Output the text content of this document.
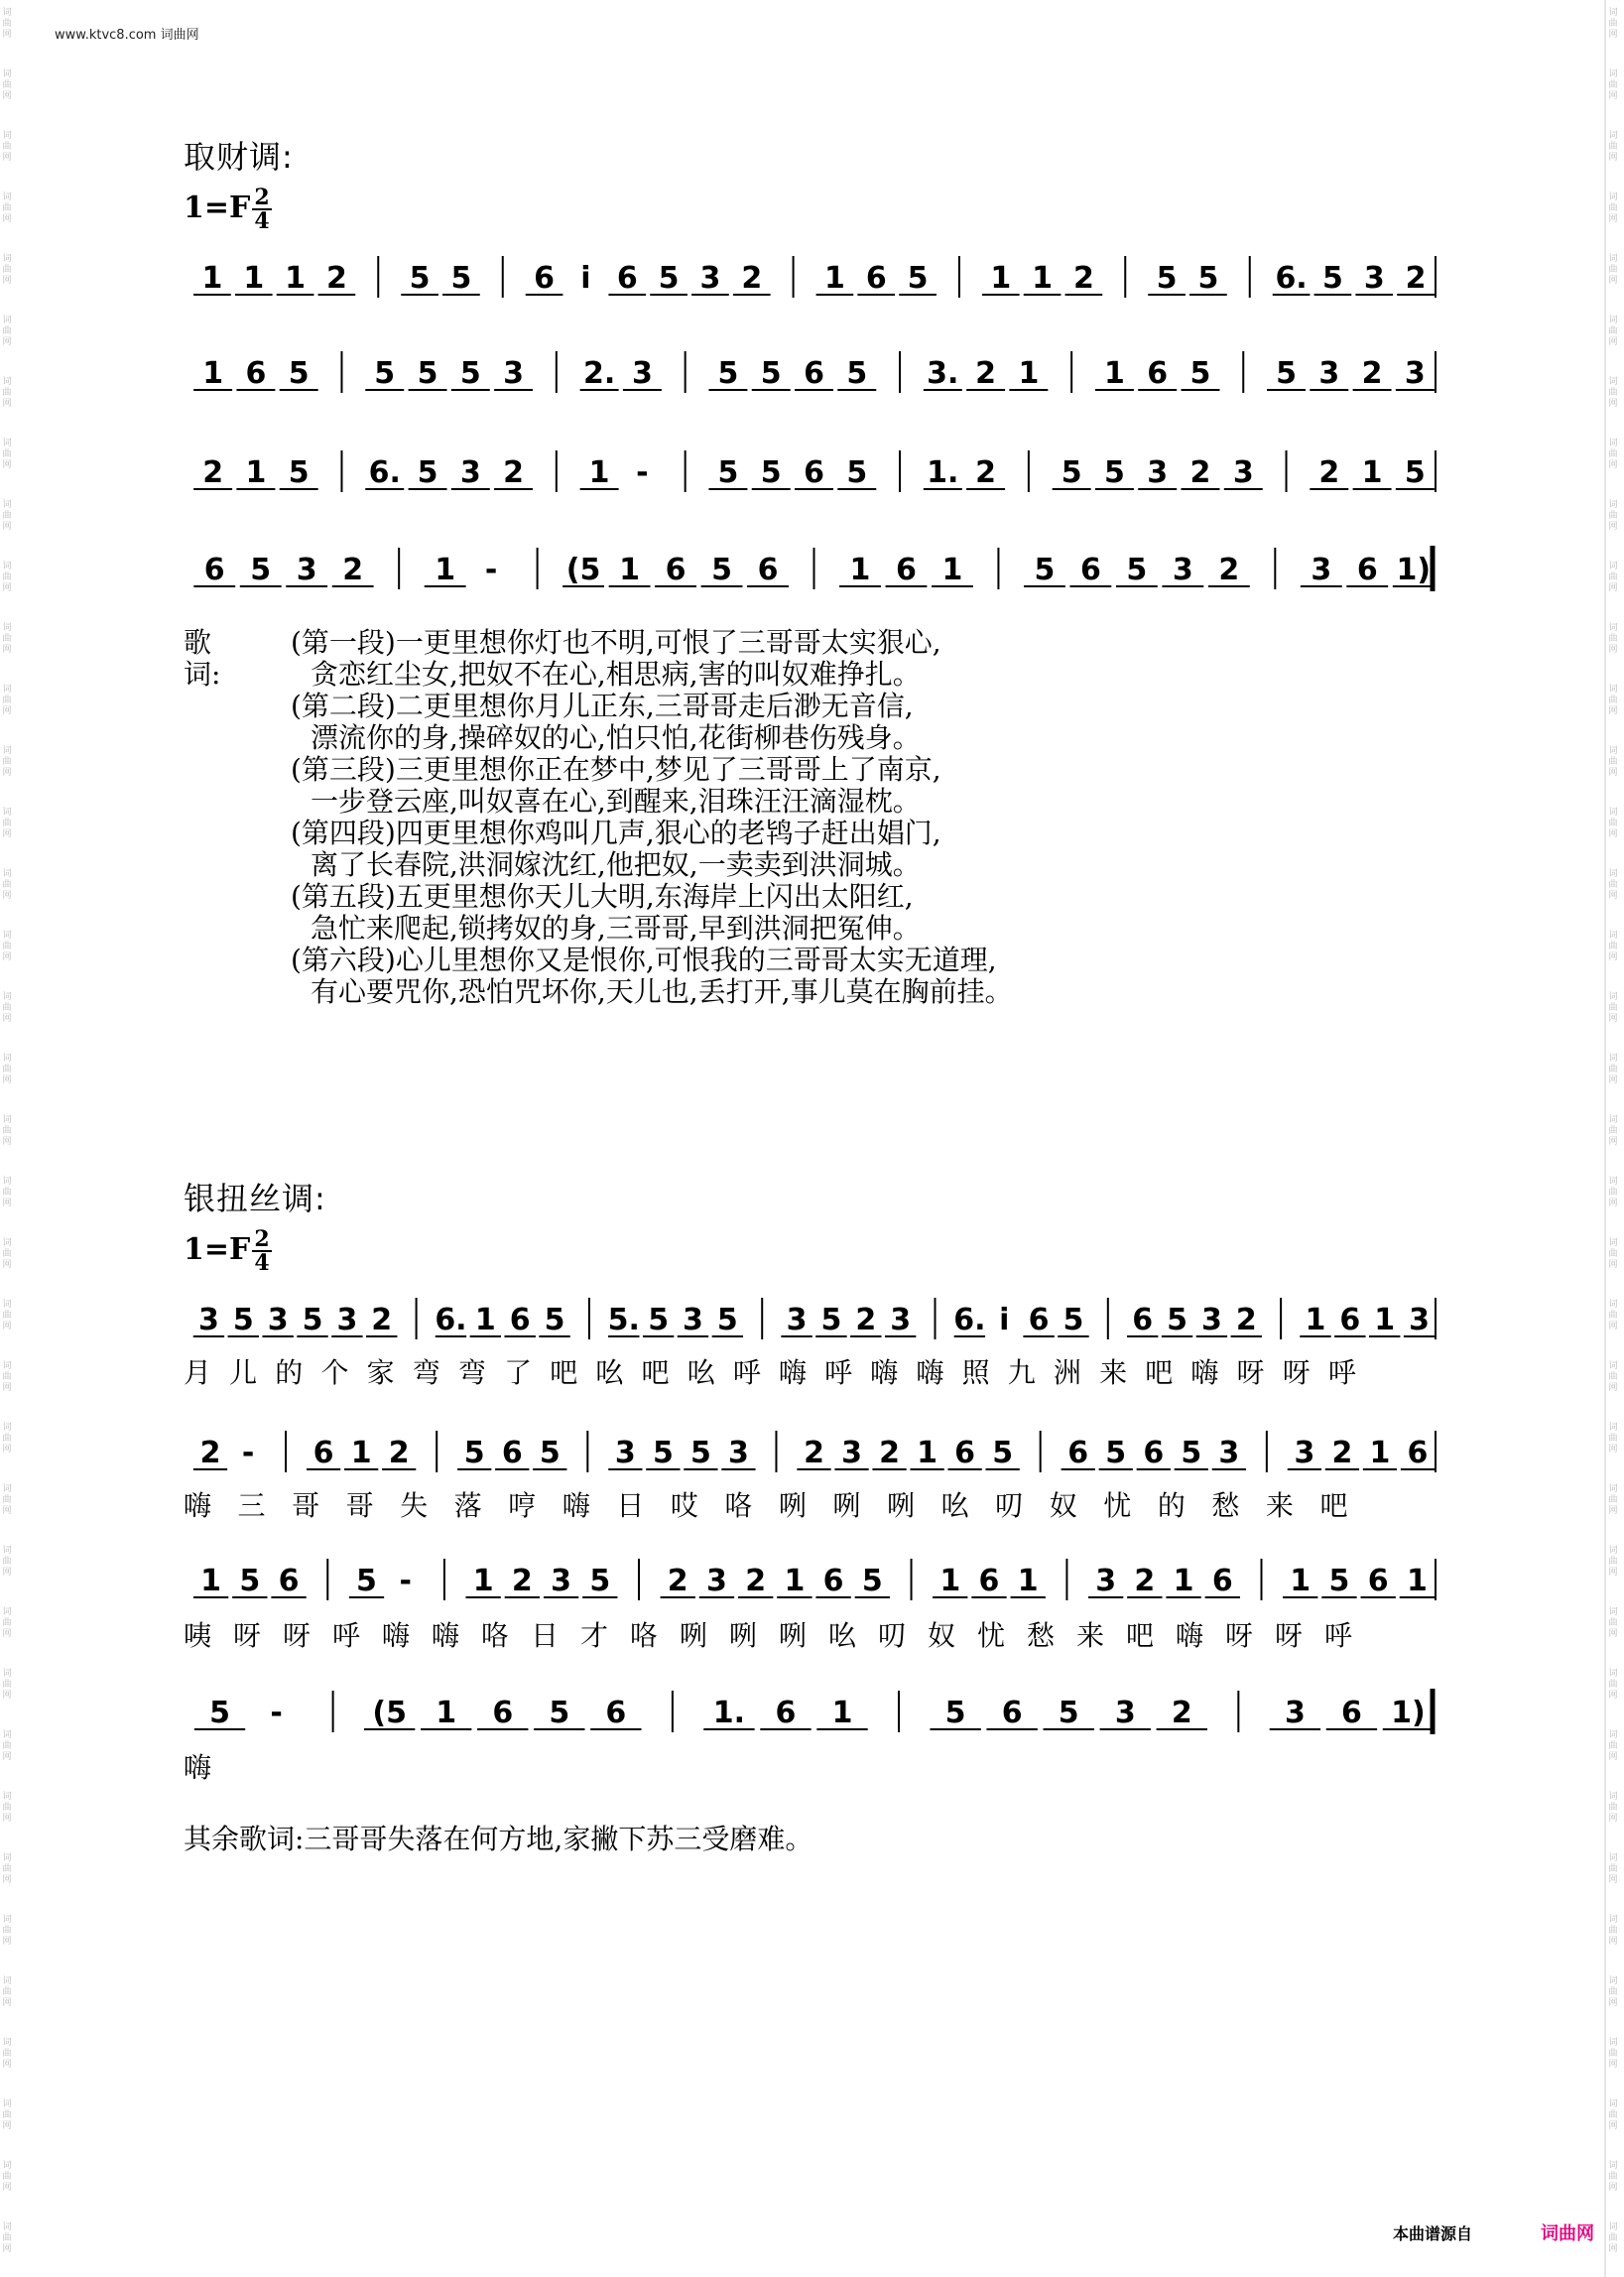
词曲网
词曲网
词曲网
词曲网
词曲网
词曲网
词曲网
词曲网
词曲网
词曲网
词曲网
词曲网
词曲网
词曲网
词曲网
词曲网
词曲网
词曲网
词曲网
词曲网
词曲网
词曲网
词曲网
词曲网
词曲网
词曲网
词曲网
词曲网
词曲网
词曲网
词曲网
词曲网
词曲网
词曲网
词曲网
词曲网
词曲网
词曲网
词曲网
词曲网
词曲网
词曲网
词曲网
词曲网
词曲网
词曲网
词曲网
词曲网
词曲网
词曲网
词曲网
词曲网
词曲网
词曲网
词曲网
词曲网
词曲网
词曲网
词曲网
词曲网
词曲网
词曲网
词曲网
词曲网
词曲网
词曲网
词曲网
词曲网
词曲网
词曲网
词曲网
词曲网
词曲网
词曲网
www.ktvc8.com 词曲网
取财调:
$1=F \frac{2}{4}$
1 1 1 2 5 5 6 i 6 5 3 2 1 6 5 1 1 2 5 5 6. 5 3 2
1 6 5 5 5 5 3 2. 3 5 5 6 5 3. 2 1 1 6 5 5 3 2 3
2 1 5 6. 5 3 2 1 - 5 5 6 5 1. 2 5 5 3 2 3 2 1 5
6 5 3 2 1 - (5 1 6 5 6 1 6 1 5 6 5 3 2 3 6 1)
歌词:
(第一段)一更里想你灯也不明,可恨了三哥哥太实狠心,
贪恋红尘女,把奴不在心,相思病,害的叫奴难挣扎。
(第二段)二更里想你月儿正东,三哥哥走后渺无音信,
漂流你的身,操碎奴的心,怕只怕,花街柳巷伤残身。
(第三段)三更里想你正在梦中,梦见了三哥哥上了南京,
一步登云座,叫奴喜在心,到醒来,泪珠汪汪滴湿枕。
(第四段)四更里想你鸡叫几声,狠心的老鸨子赶出娼门,
离了长春院,洪洞嫁沈红,他把奴,一卖卖到洪洞城。
(第五段)五更里想你天儿大明,东海岸上闪出太阳红,
急忙来爬起,锁拷奴的身,三哥哥,早到洪洞把冤伸。
(第六段)心儿里想你又是恨你,可恨我的三哥哥太实无道理,
有心要咒你,恐怕咒坏你,天儿也,丢打开,事儿莫在胸前挂。
银扭丝调:
$1=F \frac{2}{4}$
3 5 3 5 3 2 6. 1 6 5 5. 5 3 5 3 5 2 3 6. i 6 5 6 5 3 2 1 6 1 3
月 儿 的 个 家 弯 弯 了 吧 吆 吧 吆 呼 嗨 呼 嗨 嗨 照 九 洲 来 吧 嗨 呀 呀 呼
2 - 6 1 2 5 6 5 3 5 5 3 2 3 2 1 6 5 6 5 6 5 3 3 2 1 6
嗨 三 哥 哥 失 落 哼 嗨 日 哎 咯 咧 咧 咧 吆 叨 奴 忧 的 愁 来 吧
1 5 6 5 - 1 2 3 5 2 3 2 1 6 5 1 6 1 3 2 1 6 1 5 6 1
咦 呀 呀 呼 嗨 嗨 咯 日 才 咯 咧 咧 咧 吆 叨 奴 忧 愁 来 吧 嗨 呀 呀 呼
5 -	(5 1 6 5 6	1. 6 1	5 6 5 3 2	3 6 1)
嗨
其余歌词:三哥哥失落在何方地,家撇下苏三受磨难。
本曲谱源自	词曲网
